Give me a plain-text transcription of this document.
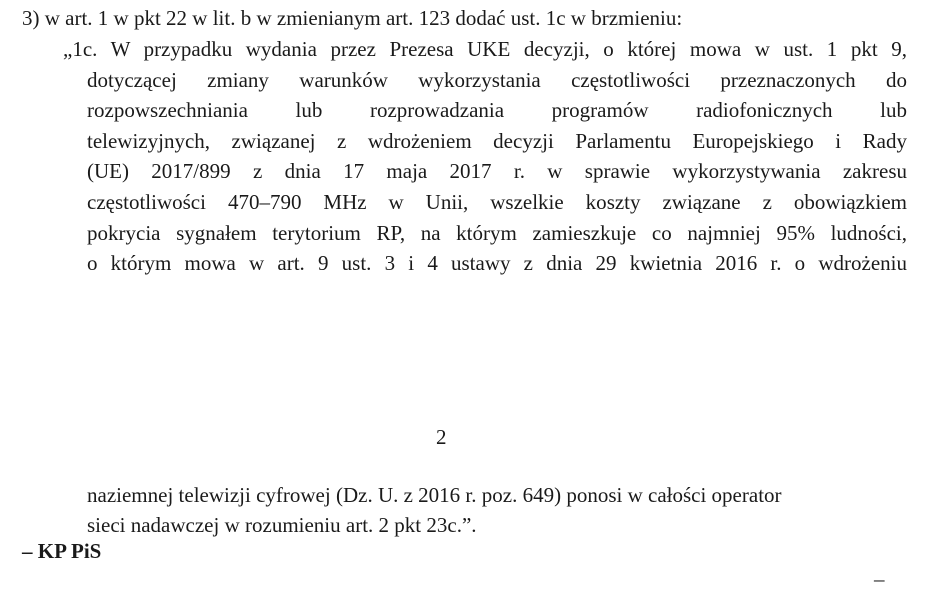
3) w art. 1 w pkt 22 w lit. b w zmienianym art. 123 dodać ust. 1c w brzmieniu:
„1c. W przypadku wydania przez Prezesa UKE decyzji, o której mowa w ust. 1 pkt 9,
dotyczącej zmiany warunków wykorzystania częstotliwości przeznaczonych do
rozpowszechniania lub rozprowadzania programów radiofonicznych lub
telewizyjnych, związanej z wdrożeniem decyzji Parlamentu Europejskiego i Rady
(UE) 2017/899 z dnia 17 maja 2017 r. w sprawie wykorzystywania zakresu
częstotliwości 470–790 MHz w Unii, wszelkie koszty związane z obowiązkiem
pokrycia sygnałem terytorium RP, na którym zamieszkuje co najmniej 95% ludności,
o którym mowa w art. 9 ust. 3 i 4 ustawy z dnia 29 kwietnia 2016 r. o wdrożeniu
2
naziemnej telewizji cyfrowej (Dz. U. z 2016 r. poz. 649) ponosi w całości operator
sieci nadawczej w rozumieniu art. 2 pkt 23c.”.
– KP PiS
–
